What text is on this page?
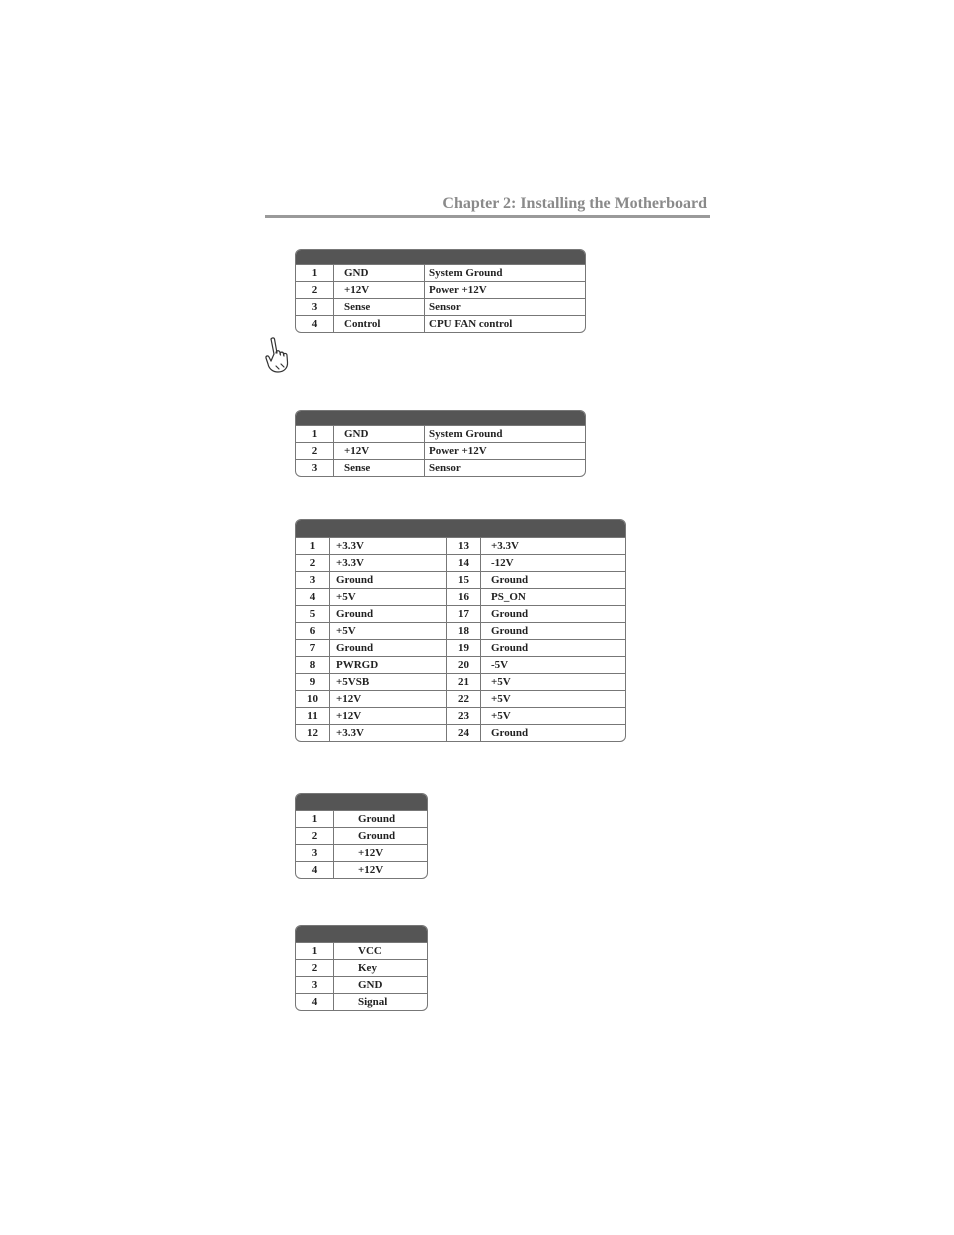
Chapter 2: Installing the Motherboard
1	GND	System Ground
2	+12V	Power +12V
3	Sense	Sensor
4	Control	CPU FAN control
1	GND	System Ground
2	+12V	Power +12V
3	Sense	Sensor
1	+3.3V	13	+3.3V
2	+3.3V	14	-12V
3	Ground	15	Ground
4	+5V	16	PS_ON
5	Ground	17	Ground
6	+5V	18	Ground
7	Ground	19	Ground
8	PWRGD	20	-5V
9	+5VSB	21	+5V
10	+12V	22	+5V
11	+12V	23	+5V
12	+3.3V	24	Ground
1	Ground
2	Ground
3	+12V
4	+12V
1	VCC
2	Key
3	GND
4	Signal
